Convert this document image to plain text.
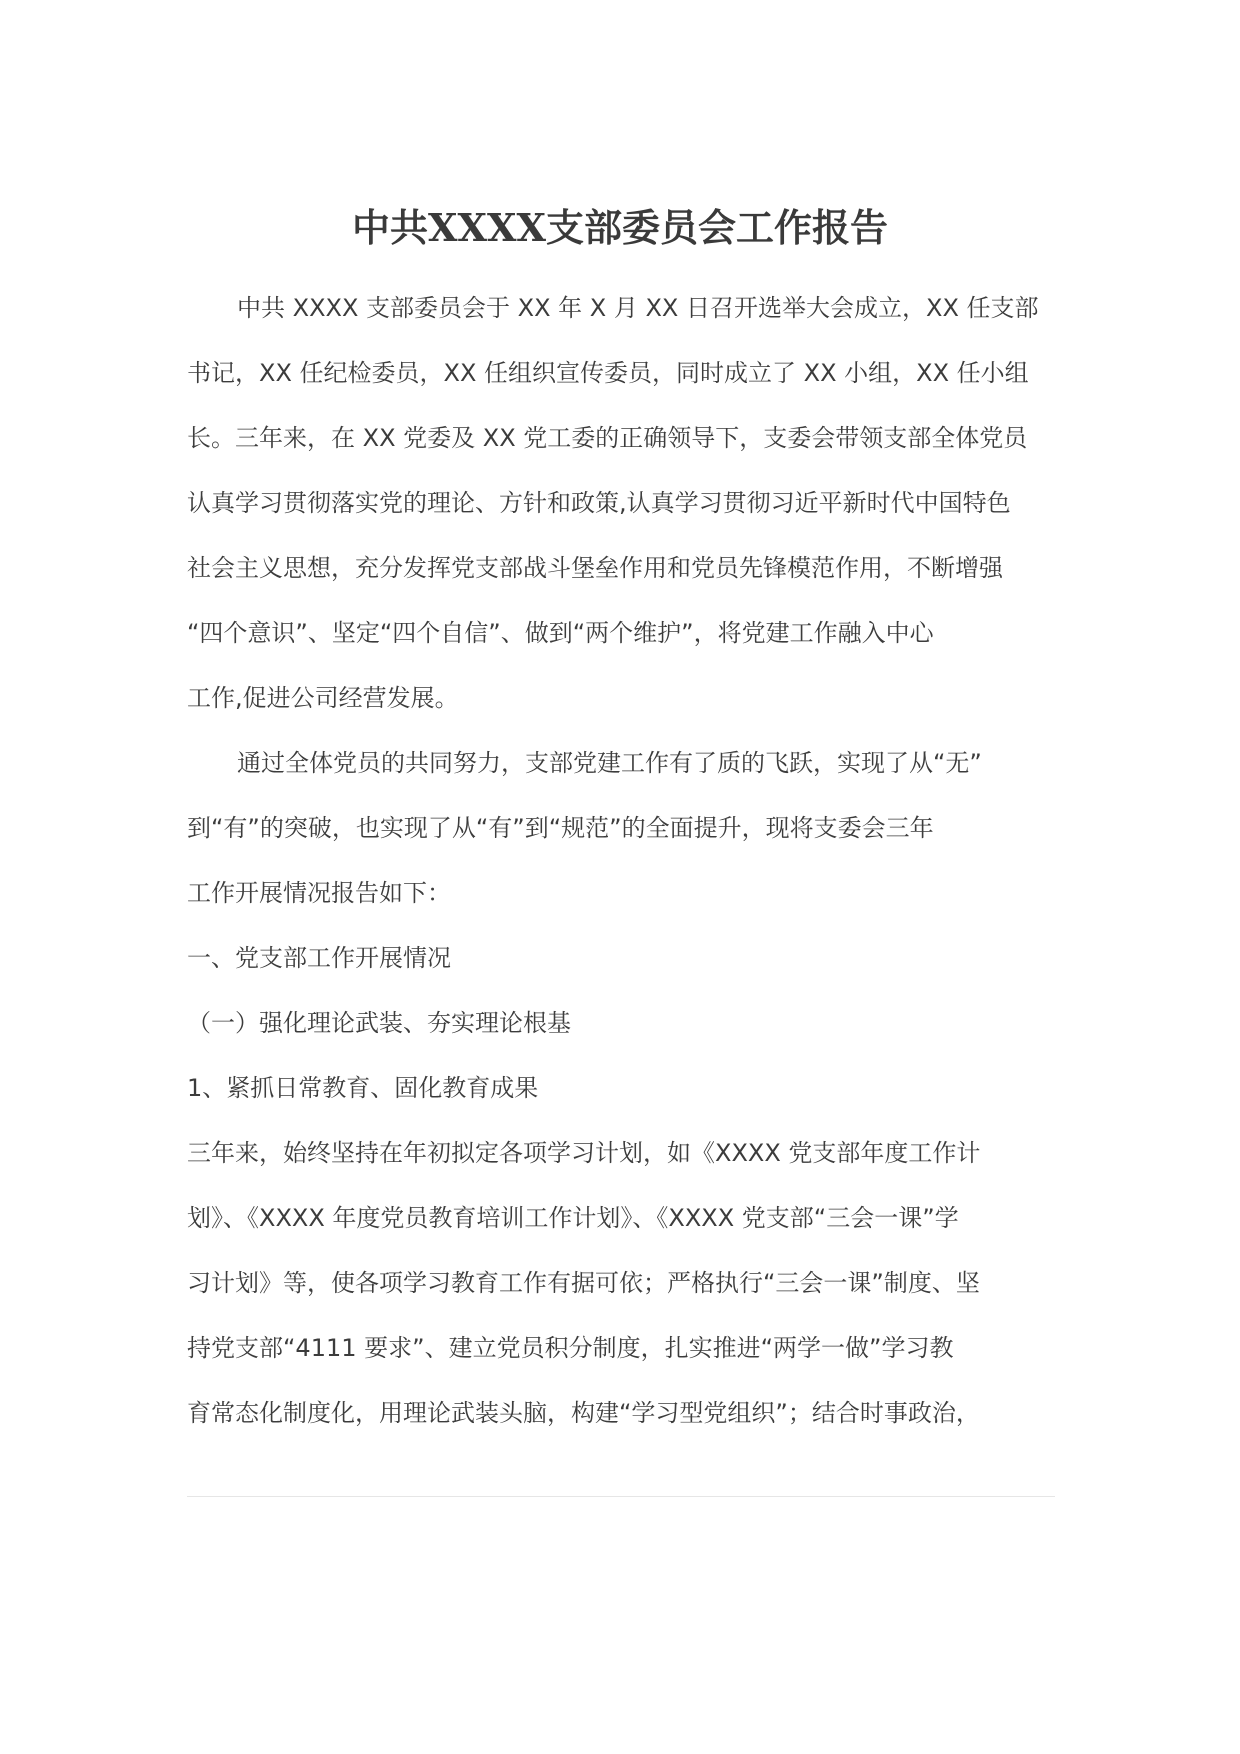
中共XXXX支部委员会工作报告

中共 XXXX 支部委员会于 XX 年 X 月 XX 日召开选举大会成立，XX 任支部

书记，XX 任纪检委员，XX 任组织宣传委员，同时成立了 XX 小组，XX 任小组

长。三年来，在 XX 党委及 XX 党工委的正确领导下，支委会带领支部全体党员

认真学习贯彻落实党的理论、方针和政策,认真学习贯彻习近平新时代中国特色

社会主义思想，充分发挥党支部战斗堡垒作用和党员先锋模范作用，不断增强

“四个意识”、坚定“四个自信”、做到“两个维护”，将党建工作融入中心

工作,促进公司经营发展。

通过全体党员的共同努力，支部党建工作有了质的飞跃，实现了从“无”

到“有”的突破，也实现了从“有”到“规范”的全面提升，现将支委会三年

工作开展情况报告如下：

一、党支部工作开展情况

（一）强化理论武装、夯实理论根基

1、紧抓日常教育、固化教育成果

三年来，始终坚持在年初拟定各项学习计划，如《XXXX 党支部年度工作计

划》、《XXXX 年度党员教育培训工作计划》、《XXXX 党支部“三会一课”学

习计划》等，使各项学习教育工作有据可依；严格执行“三会一课”制度、坚

持党支部“4111 要求”、建立党员积分制度，扎实推进“两学一做”学习教

育常态化制度化，用理论武装头脑，构建“学习型党组织”；结合时事政治，
